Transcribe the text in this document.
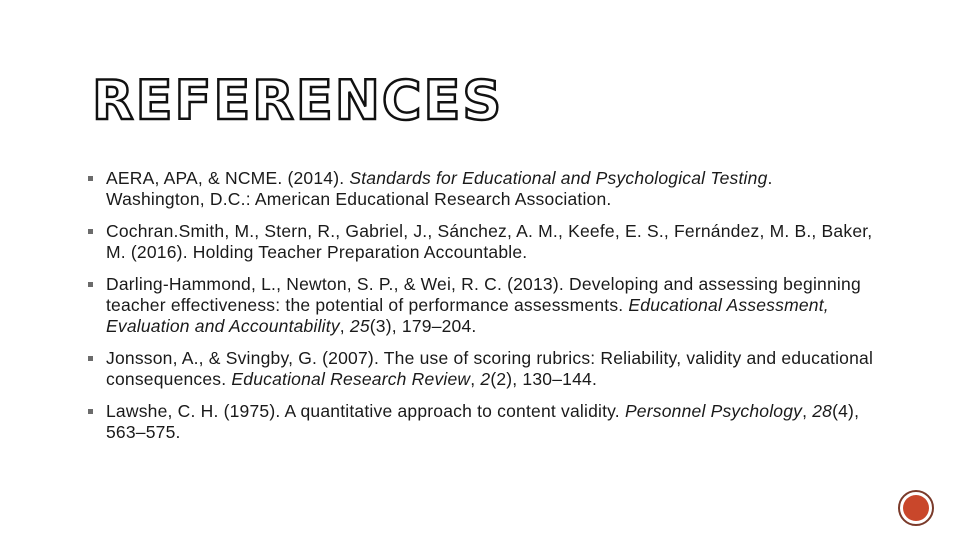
REFERENCES
AERA, APA, & NCME. (2014). Standards for Educational and Psychological Testing. Washington, D.C.: American Educational Research Association.
Cochran.Smith, M., Stern, R., Gabriel, J., Sánchez, A. M., Keefe, E. S., Fernández, M. B., Baker, M. (2016). Holding Teacher Preparation Accountable.
Darling-Hammond, L., Newton, S. P., & Wei, R. C. (2013). Developing and assessing beginning teacher effectiveness: the potential of performance assessments. Educational Assessment, Evaluation and Accountability, 25(3), 179–204.
Jonsson, A., & Svingby, G. (2007). The use of scoring rubrics: Reliability, validity and educational consequences. Educational Research Review, 2(2), 130–144.
Lawshe, C. H. (1975). A quantitative approach to content validity. Personnel Psychology, 28(4), 563–575.
